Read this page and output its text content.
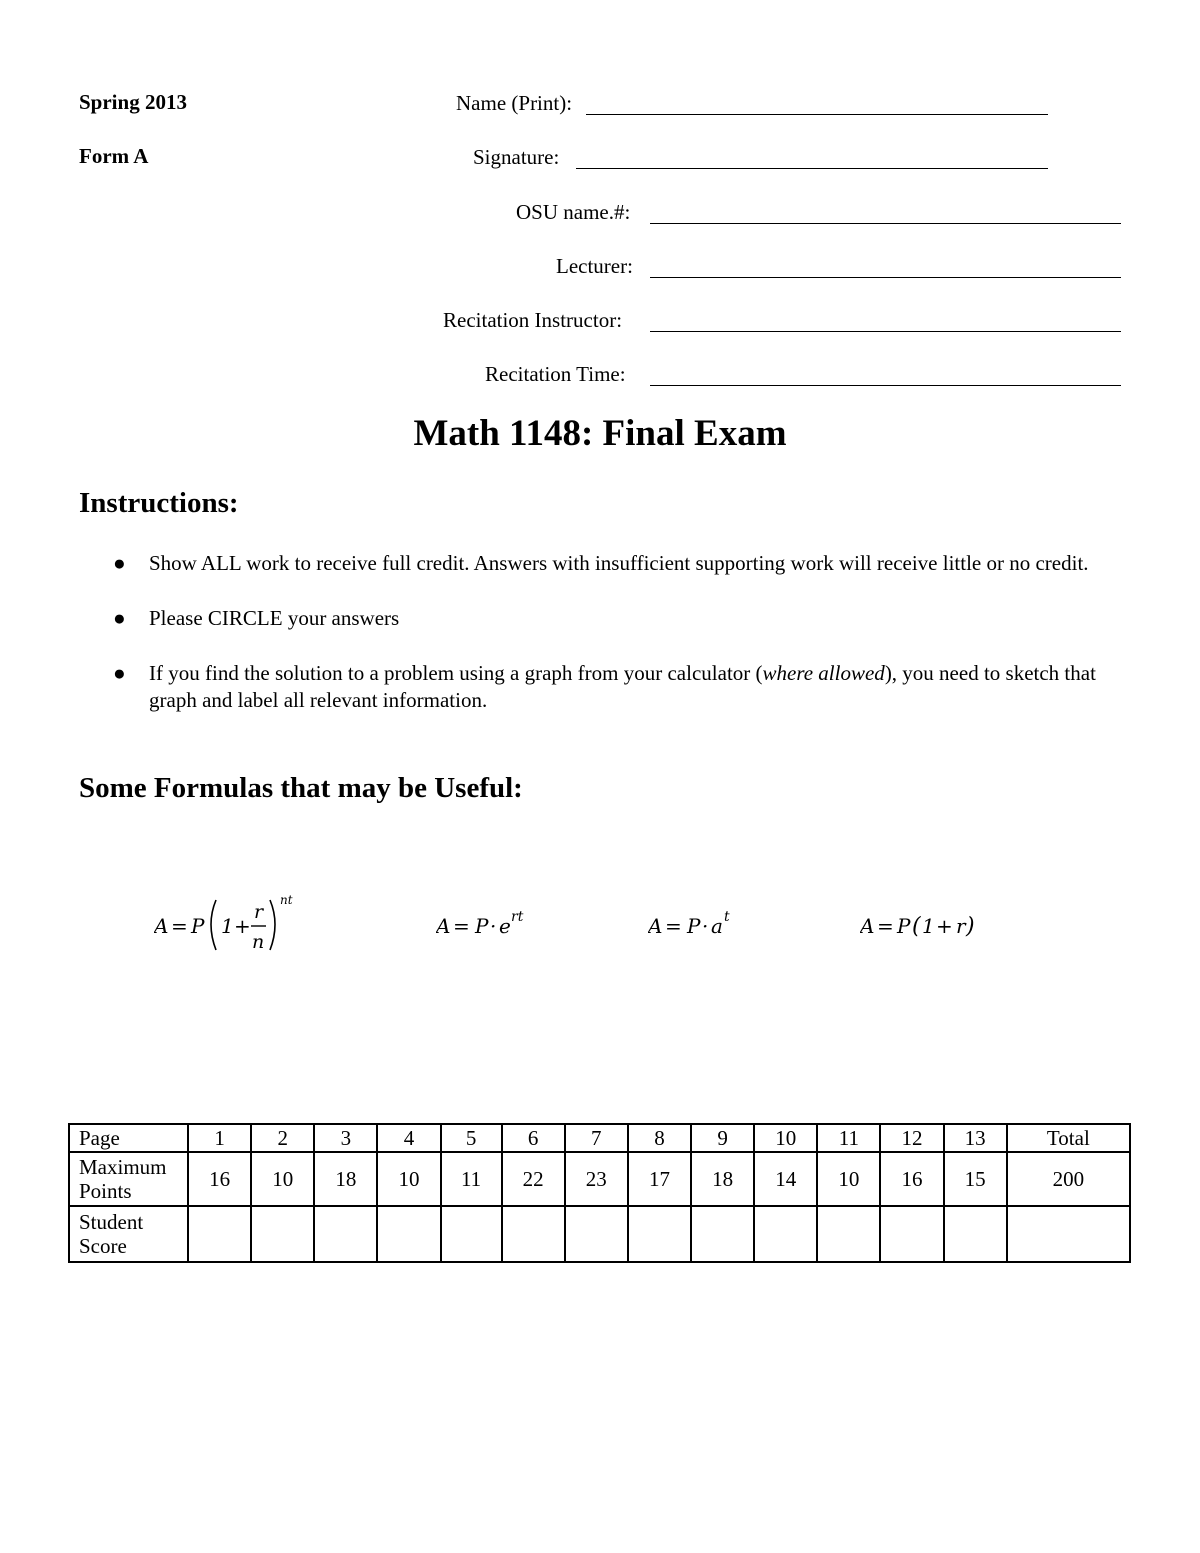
Spring 2013
Form A
Name (Print):
Signature:
OSU name.#:
Lecturer:
Recitation Instructor:
Recitation Time:
Math 1148: Final Exam
Instructions:
● Show ALL work to receive full credit. Answers with insufficient supporting work will receive little or no credit.
● Please CIRCLE your answers
● If you find the solution to a problem using a graph from your calculator (where allowed), you need to sketch that graph and label all relevant information.
Some Formulas that may be Useful:
A = P 1 +
r
n
nt
A = P · e rt	A = P · a t	A = P ( 1 + r )
Page	1	2	3	4	5	6	7	8	9	10	11	12	13	Total
Maximum
Points	16	10	18	10	11	22	23	17	18	14	10	16	15	200
Student
Score														
